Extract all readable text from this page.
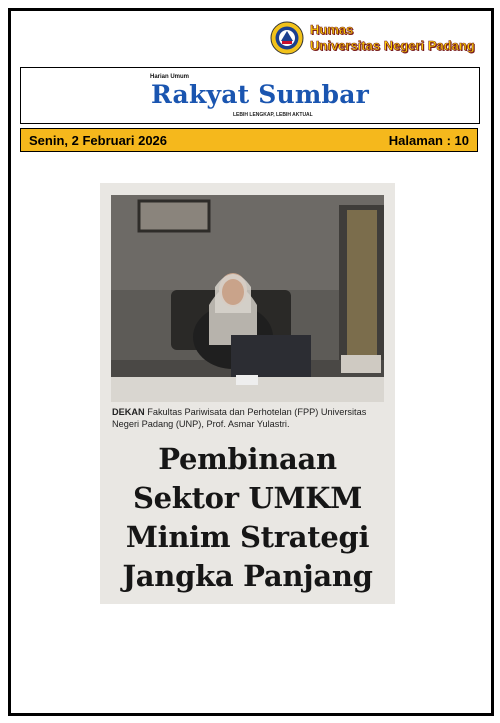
Humas
Universitas Negeri Padang
Harian Umum
Rakyat Sumbar
LEBIH LENGKAP, LEBIH AKTUAL
Senin, 2 Februari 2026	Halaman : 10
DEKAN Fakultas Pariwisata dan Perhotelan (FPP) Universitas Negeri Padang (UNP), Prof. Asmar Yulastri.
Pembinaan
Sektor UMKM
Minim Strategi
Jangka Panjang
